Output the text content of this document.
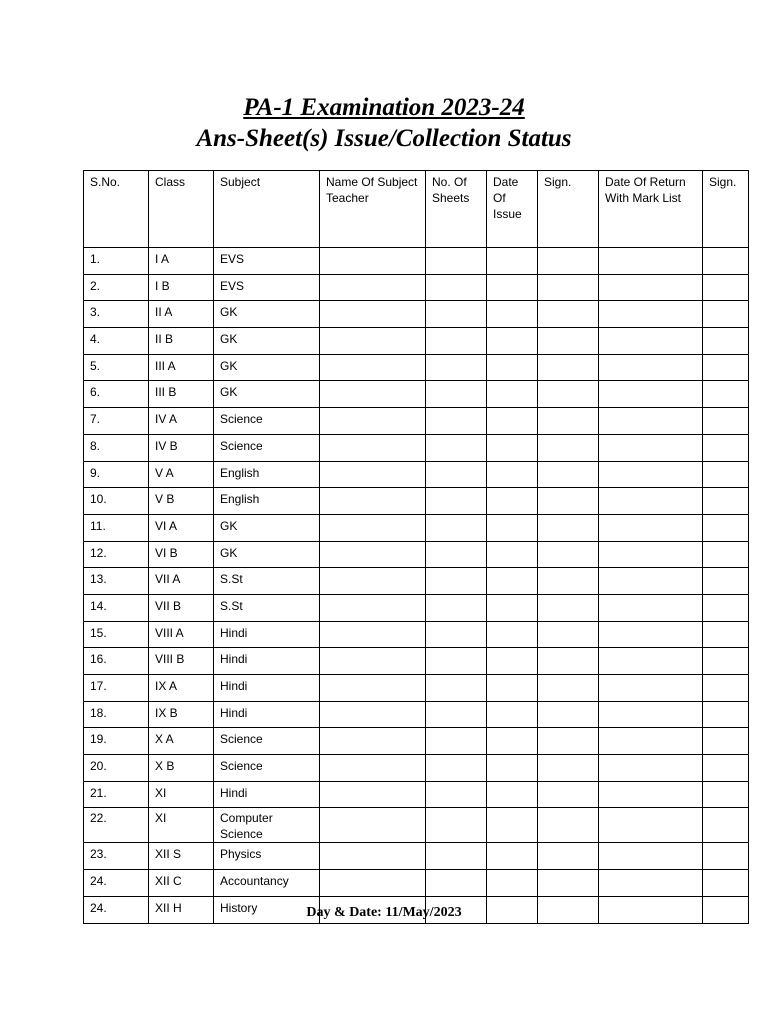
PA-1 Examination 2023-24
Ans-Sheet(s) Issue/Collection Status
S.No.	Class	Subject	Name Of Subject Teacher	No. Of Sheets	Date Of Issue	Sign.	Date Of Return With Mark List	Sign.
1.	I A	EVS						
2.	I B	EVS						
3.	II A	GK						
4.	II B	GK						
5.	III A	GK						
6.	III B	GK						
7.	IV A	Science						
8.	IV B	Science						
9.	V A	English						
10.	V B	English						
11.	VI A	GK						
12.	VI B	GK						
13.	VII A	S.St						
14.	VII B	S.St						
15.	VIII A	Hindi						
16.	VIII B	Hindi						
17.	IX A	Hindi						
18.	IX B	Hindi						
19.	X A	Science						
20.	X B	Science						
21.	XI	Hindi						
22.	XI	Computer Science						
23.	XII S	Physics						
24.	XII C	Accountancy						
24.	XII H	History							Day & Date: 11/May/2023
